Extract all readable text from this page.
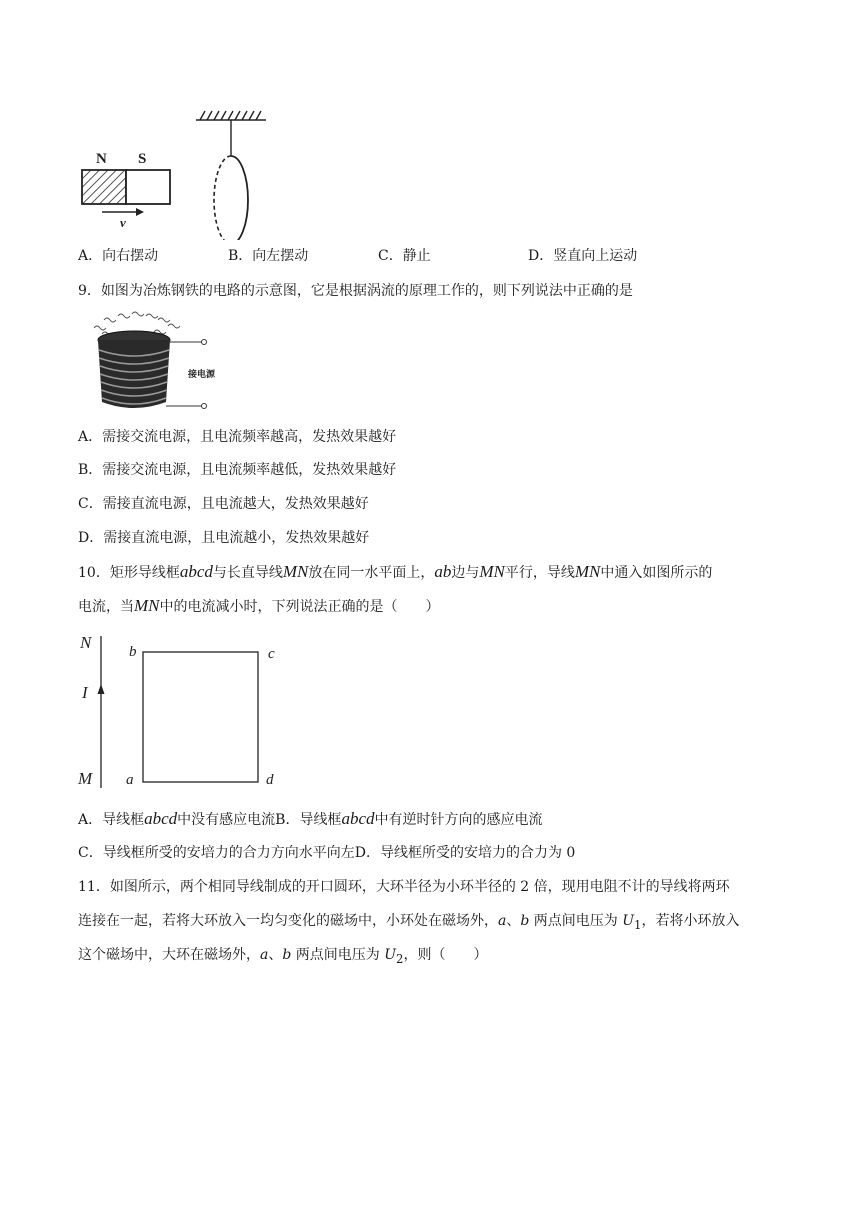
N S
v
A．向右摆动	B．向左摆动	C．静止	D．竖直向上运动
9．如图为冶炼钢铁的电路的示意图，它是根据涡流的原理工作的，则下列说法中正确的是
接电源
A．需接交流电源，且电流频率越高，发热效果越好
B．需接交流电源，且电流频率越低，发热效果越好
C．需接直流电源，且电流越大，发热效果越好
D．需接直流电源，且电流越小，发热效果越好
10．矩形导线框abcd与长直导线MN放在同一水平面上，ab边与MN平行，导线MN中通入如图所示的
电流，当MN中的电流减小时，下列说法正确的是（　　）
N
I
M
b	c
a	d
A．导线框abcd中没有感应电流B．导线框abcd中有逆时针方向的感应电流
C．导线框所受的安培力的合力方向水平向左D．导线框所受的安培力的合力为 0
11．如图所示，两个相同导线制成的开口圆环，大环半径为小环半径的 2 倍，现用电阻不计的导线将两环
连接在一起，若将大环放入一均匀变化的磁场中，小环处在磁场外，a、b 两点间电压为 $U_1$，若将小环放入
这个磁场中，大环在磁场外，a、b 两点间电压为 $U_2$，则（　　）
